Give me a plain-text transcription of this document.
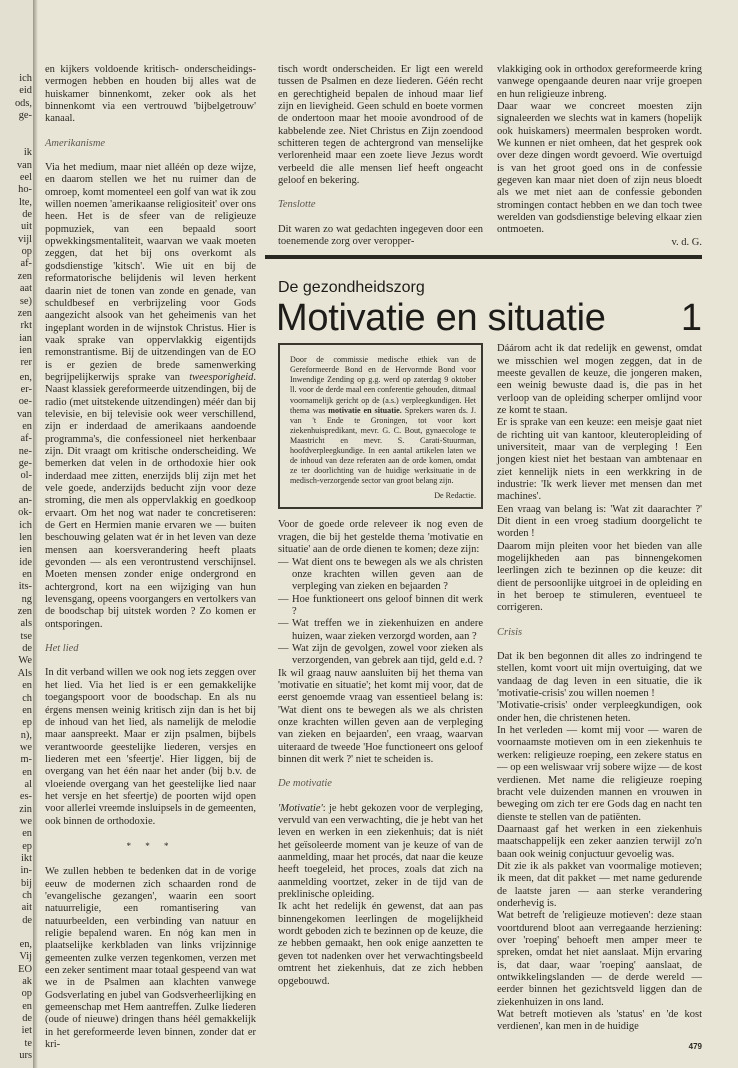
ich
eid
ods,
ge-
ik
van
eel
ho-
lte,
de
uit
vijl
op
af-
zen
aat
se)
zen
rkt
ian
ien
rer
en,
er-
oe-
van
en
af-
ne-
ge-
ol-
de
an-
ok-
ich
len
ien
ide
en
its-
ng
zen
als
tse
de
We
Als
en
ch
en
ep
n),
we
m-
en
al
es-
zin
we
en
ep
ikt
in-
bij
ch
ait
de
en,
Vij
EO
ak
op
en
de
iet
te
urs

en kijkers voldoende kritisch- onderscheidings-vermogen hebben en houden bij alles wat de huiskamer binnenkomt, zeker ook als het binnenkomt via een vertrouwd 'bijbelgetrouw' kanaal.

Amerikanisme

Via het medium, maar niet alléén op deze wijze, en daarom stellen we het nu ruimer dan de omroep, komt momenteel een golf van wat ik zou willen noemen 'amerikaanse religiositeit' over ons heen. Het is de sfeer van de religieuze popmuziek, van een bepaald soort opwekkingsmentaliteit, waarvan we vaak moeten zeggen, dat het bij ons overkomt als godsdienstige 'kitsch'. Wie uit en bij de reformatorische belijdenis wil leven herkent daarin niet de tonen van zonde en genade, van schuldbesef en verbrijzeling voor Gods aangezicht alsook van het geheimenis van het ingeplant worden in de wijnstok Christus. Hier is vaak sprake van oppervlakkig eigentijds remonstrantisme. Bij de uitzendingen van de EO is er gezien de brede samenwerking begrijpelijkerwijs sprake van tweesporigheid. Naast klassiek gereformeerde uitzendingen, bij de radio (met uitstekende uitzendingen) méér dan bij televisie, en bij televisie ook weer verschillend, zijn er inderdaad de amerikaans aandoende programma's, die confessioneel niet herkenbaar zijn. Dit vraagt om kritische onderscheiding. We bemerken dat velen in de orthodoxie hier ook inderdaad mee zitten, enerzijds blij zijn met het vele goede, anderzijds beducht zijn voor deze stroming, die men als oppervlakkig en goedkoop ervaart. Om het nog wat nader te concretiseren: de Gert en Hermien manie ervaren we — buiten beschouwing gelaten wat ér in het leven van deze mensen aan koersverandering heeft plaats gevonden — als een verontrustend verschijnsel. Moeten mensen zonder enige ondergrond en achtergrond, kort na een wijziging van hun levensgang, opeens voorgangers en vertolkers van de boodschap bij uitstek worden ? Zo komen er ontsporingen.

Het lied

In dit verband willen we ook nog iets zeggen over het lied. Via het lied is er een gemakkelijke toegangspoort voor de boodschap. En als nu érgens mensen weinig kritisch zijn dan is het bij de inhoud van het lied, als namelijk de melodie maar aanspreekt. Maar er zijn psalmen, bijbels verantwoorde geestelijke liederen, versjes en liederen met een 'sfeertje'. Hier liggen, bij de overgang van het één naar het ander (bij b.v. de vloeiende overgang van het geestelijke lied naar het versje en het sfeertje) de poorten wijd open voor allerlei vreemde insluipsels in de gemeenten, ook binnen de orthodoxie.

* * *

We zullen hebben te bedenken dat in de vorige eeuw de modernen zich schaarden rond de 'evangelische gezangen', waarin een soort natuurreligie, een romantisering van natuurbeelden, een verbinding van natuur en religie bepalend waren. En nóg kan men in plaatselijke kerkbladen van links vrijzinnige gemeenten zulke verzen tegenkomen, verzen met een zeker sentiment maar totaal gespeend van wat we in de Psalmen aan klachten vanwege Godsverlating en jubel van Godsverheerlijking en gemeenschap met Hem aantreffen. Zulke liederen (oude of nieuwe) dringen thans héél gemakkelijk in het gereformeerde leven binnen, zonder dat er kri-

tisch wordt onderscheiden. Er ligt een wereld tussen de Psalmen en deze liederen. Géén recht en gerechtigheid bepalen de inhoud maar lief zijn en lievigheid. Geen schuld en boete vormen de ondertoon maar het mooie avondrood of de kabbelende zee. Niet Christus en Zijn zoendood schitteren tegen de achtergrond van menselijke verlorenheid maar een zoete lieve Jezus wordt verbeeld die alle mensen lief heeft ongeacht geloof en bekering.

Tenslotte

Dit waren zo wat gedachten ingegeven door een toenemende zorg over veropper-

vlakkiging ook in orthodox gereformeerde kring vanwege opengaande deuren naar vrije groepen en hun religieuze inbreng.

Daar waar we concreet moesten zijn signaleerden we slechts wat in kamers (hopelijk ook huiskamers) meermalen besproken wordt. We kunnen er niet omheen, dat het gesprek ook over deze dingen wordt gevoerd. Wie overtuigd is van het groot goed ons in de confessie gegeven kan maar niet doen of zijn neus bloedt als we met niet aan de confessie gebonden stromingen contact hebben en we dan toch twee werelden van godsdienstige beleving elkaar zien ontmoeten.

v. d. G.

De gezondheidszorg
Motivatie en situatie 1

Door de commissie medische ethiek van de Gereformeerde Bond en de Hervormde Bond voor Inwendige Zending op g.g. werd op zaterdag 9 oktober ll. voor de derde maal een conferentie gehouden, ditmaal voornamelijk gericht op de (a.s.) verpleegkundigen. Het thema was motivatie en situatie. Sprekers waren ds. J. van 't Ende te Groningen, tot voor kort ziekenhuispredikant, mevr. G. C. Bout, gynaecologe te Maastricht en mevr. S. Carati-Stuurman, hoofdverpleegkundige. In een aantal artikelen laten we de inhoud van deze referaten aan de orde komen, omdat ze ter doorlichting van de huidige werksituatie in de medisch-verzorgende sector van groot belang zijn.

De Redactie.

Voor de goede orde releveer ik nog even de vragen, die bij het gestelde thema 'motivatie en situatie' aan de orde dienen te komen; deze zijn:

— Wat dient ons te bewegen als we als christen onze krachten willen geven aan de verpleging van zieken en bejaarden ?
— Hoe funktioneert ons geloof binnen dit werk ?
— Wat treffen we in ziekenhuizen en andere huizen, waar zieken verzorgd worden, aan ?
— Wat zijn de gevolgen, zowel voor zieken als verzorgenden, van gebrek aan tijd, geld e.d. ?

Ik wil graag nauw aansluiten bij het thema van 'motivatie en situatie'; het komt mij voor, dat de eerst genoemde vraag van essentieel belang is: 'Wat dient ons te bewegen als we als christen onze krachten willen geven aan de verpleging van zieken en bejaarden', een vraag, waarvan uiteraard de tweede 'Hoe functioneert ons geloof binnen dit werk ?' niet te scheiden is.

De motivatie

'Motivatie': je hebt gekozen voor de verpleging, vervuld van een verwachting, die je hebt van het leven en werken in een ziekenhuis; dat is niét het geïsoleerde moment van je keuze of van de aanmelding, maar het procés, dat naar die keuze heeft toegeleid, het proces, zoals dat zich na aanmelding voortzet, zeker in de tijd van de preklinische opleiding.

Ik acht het redelijk én gewenst, dat aan pas binnengekomen leerlingen de mogelijkheid wordt geboden zich te bezinnen op de keuze, die ze hebben gemaakt, hen ook enige aanzetten te geven tot nadenken over het verwachtingsbeeld omtrent het ziekenhuis, dat ze zich hebben opgebouwd.

Dáárom acht ik dat redelijk en gewenst, omdat we misschien wel mogen zeggen, dat in de meeste gevallen de keuze, die jongeren maken, een weinig bewuste daad is, die pas in het verloop van de opleiding scherper omlijnd voor ze komt te staan.

Er is sprake van een keuze: een meisje gaat niet de richting uit van kantoor, kleuteropleiding of universiteit, maar van de verpleging ! Een jongen kiest niet het bestaan van ambtenaar en ziet kennelijk niets in een werkkring in de industrie: 'Ik werk liever met mensen dan met machines'.

Een vraag van belang is: 'Wat zit daarachter ?' Dit dient in een vroeg stadium doorgelicht te worden !

Daarom mijn pleiten voor het bieden van alle mogelijkheden aan pas binnengekomen leerlingen zich te bezinnen op die keuze: dit dient de persoonlijke uitgroei in de opleiding en in het beroep te stimuleren, eventueel te corrigeren.

Crisis

Dat ik ben begonnen dit alles zo indringend te stellen, komt voort uit mijn overtuiging, dat we vandaag de dag leven in een situatie, die ik 'motivatie-crisis' zou willen noemen !

'Motivatie-crisis' onder verpleegkundigen, ook onder hen, die christenen heten.

In het verleden — komt mij voor — waren de voornaamste motieven om in een ziekenhuis te werken: religieuze roeping, een zekere status en — op een weliswaar vrij sobere wijze — de kost verdienen. Met name die religieuze roeping bracht vele duizenden mannen en vrouwen in beweging om zich ter ere Gods dag en nacht ten dienste te stellen van de patiënten.

Daarnaast gaf het werken in een ziekenhuis maatschappelijk een zeker aanzien terwijl zo'n baan ook weinig conjuctuur gevoelig was.

Dit zie ik als pakket van voormalige motieven; ik meen, dat dit pakket — met name gedurende de laatste jaren — aan sterke verandering onderhevig is.

Wat betreft de 'religieuze motieven': deze staan voortdurend bloot aan verregaande herziening: over 'roeping' behoeft men amper meer te spreken, omdat het niet aanslaat. Mijn ervaring is, dat daar, waar 'roeping' aanslaat, de ontwikkelingslanden — de derde wereld — eerder binnen het gezichtsveld liggen dan de ziekenhuizen in ons land.

Wat betreft motieven als 'status' en 'de kost verdienen', kan men in de huidige

479
